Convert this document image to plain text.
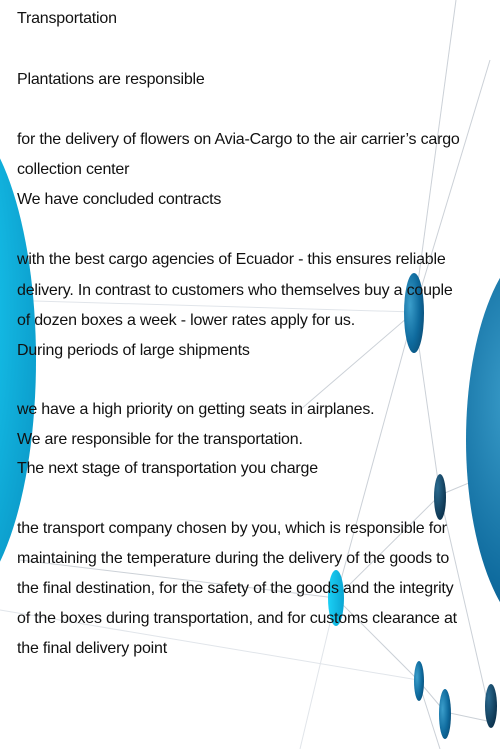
Transportation
Plantations are responsible
for the delivery of flowers on Avia-Cargo to the air carrier’s cargo
collection center
We have concluded contracts
with the best cargo agencies of Ecuador - this ensures reliable
delivery. In contrast to customers who themselves buy a couple
of dozen boxes a week - lower rates apply for us.
During periods of large shipments
we have a high priority on getting seats in airplanes.
We are responsible for the transportation.
The next stage of transportation you charge
the transport company chosen by you, which is responsible for
maintaining the temperature during the delivery of the goods to
the final destination, for the safety of the goods and the integrity
of the boxes during transportation, and for customs clearance at
the final delivery point
